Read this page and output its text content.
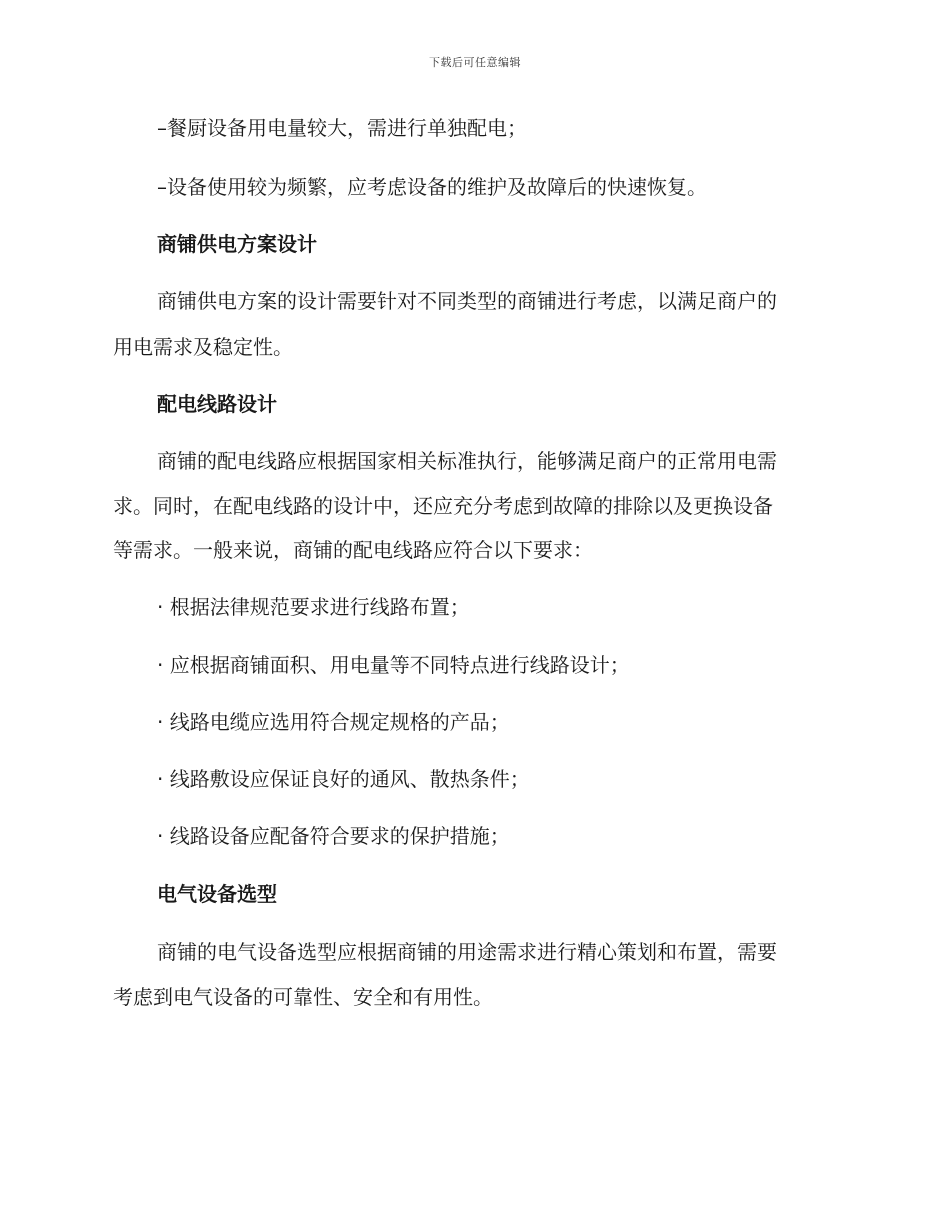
下载后可任意编辑
–餐厨设备用电量较大，需进行单独配电；
–设备使用较为频繁，应考虑设备的维护及故障后的快速恢复。
商铺供电方案设计
商铺供电方案的设计需要针对不同类型的商铺进行考虑，以满足商户的
用电需求及稳定性。
配电线路设计
商铺的配电线路应根据国家相关标准执行，能够满足商户的正常用电需
求。同时，在配电线路的设计中，还应充分考虑到故障的排除以及更换设备
等需求。一般来说，商铺的配电线路应符合以下要求：
· 根据法律规范要求进行线路布置；
· 应根据商铺面积、用电量等不同特点进行线路设计；
· 线路电缆应选用符合规定规格的产品；
· 线路敷设应保证良好的通风、散热条件；
· 线路设备应配备符合要求的保护措施；
电气设备选型
商铺的电气设备选型应根据商铺的用途需求进行精心策划和布置，需要
考虑到电气设备的可靠性、安全和有用性。
